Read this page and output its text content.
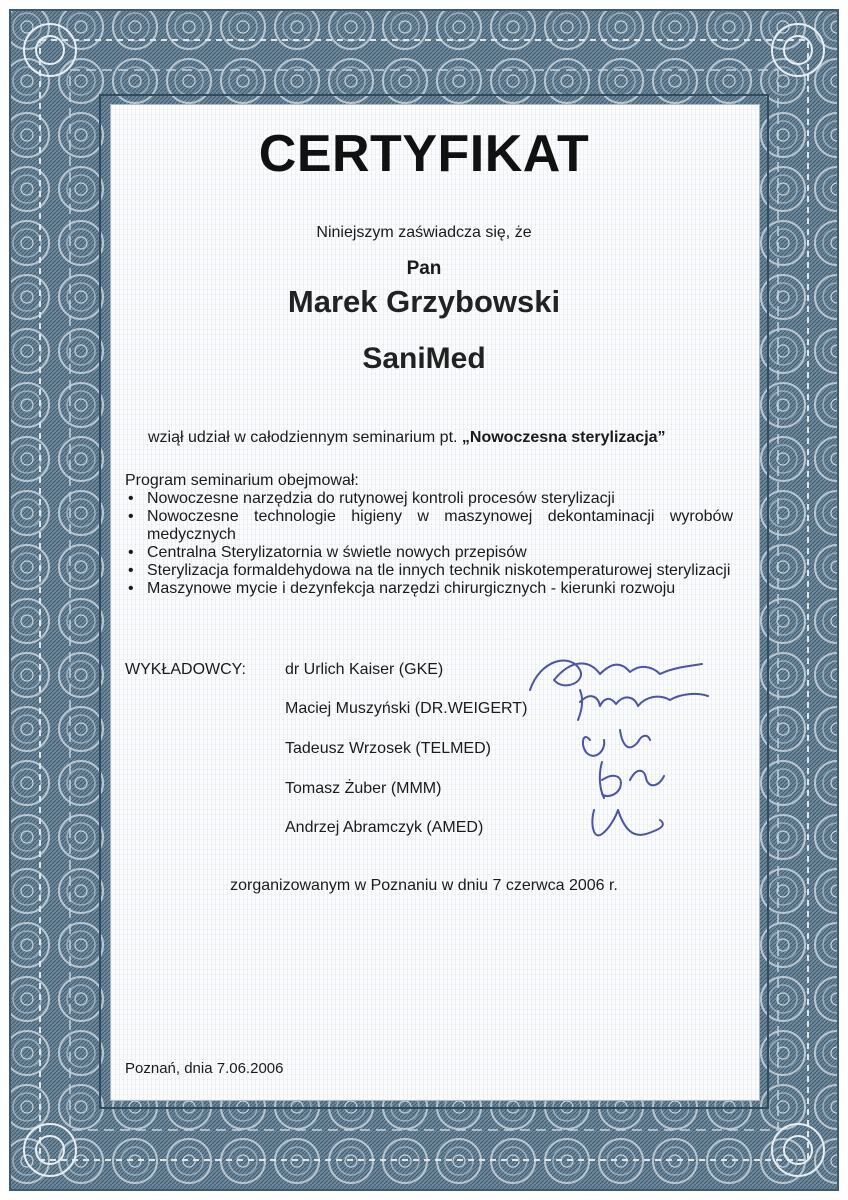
CERTYFIKAT
Niniejszym zaświadcza się, że
Pan
Marek Grzybowski
SaniMed
wziął udział w całodziennym seminarium pt. „Nowoczesna sterylizacja”
Program seminarium obejmował:
• Nowoczesne narzędzia do rutynowej kontroli procesów sterylizacji
• Nowoczesne technologie higieny w maszynowej dekontaminacji wyrobów medycznych
• Centralna Sterylizatornia w świetle nowych przepisów
• Sterylizacja formaldehydowa na tle innych technik niskotemperaturowej sterylizacji
• Maszynowe mycie i dezynfekcja narzędzi chirurgicznych - kierunki rozwoju
WYKŁADOWCY: dr Urlich Kaiser (GKE)
Maciej Muszyński (DR.WEIGERT)
Tadeusz Wrzosek (TELMED)
Tomasz Żuber (MMM)
Andrzej Abramczyk (AMED)
zorganizowanym w Poznaniu w dniu 7 czerwca 2006 r.
Poznań, dnia 7.06.2006
